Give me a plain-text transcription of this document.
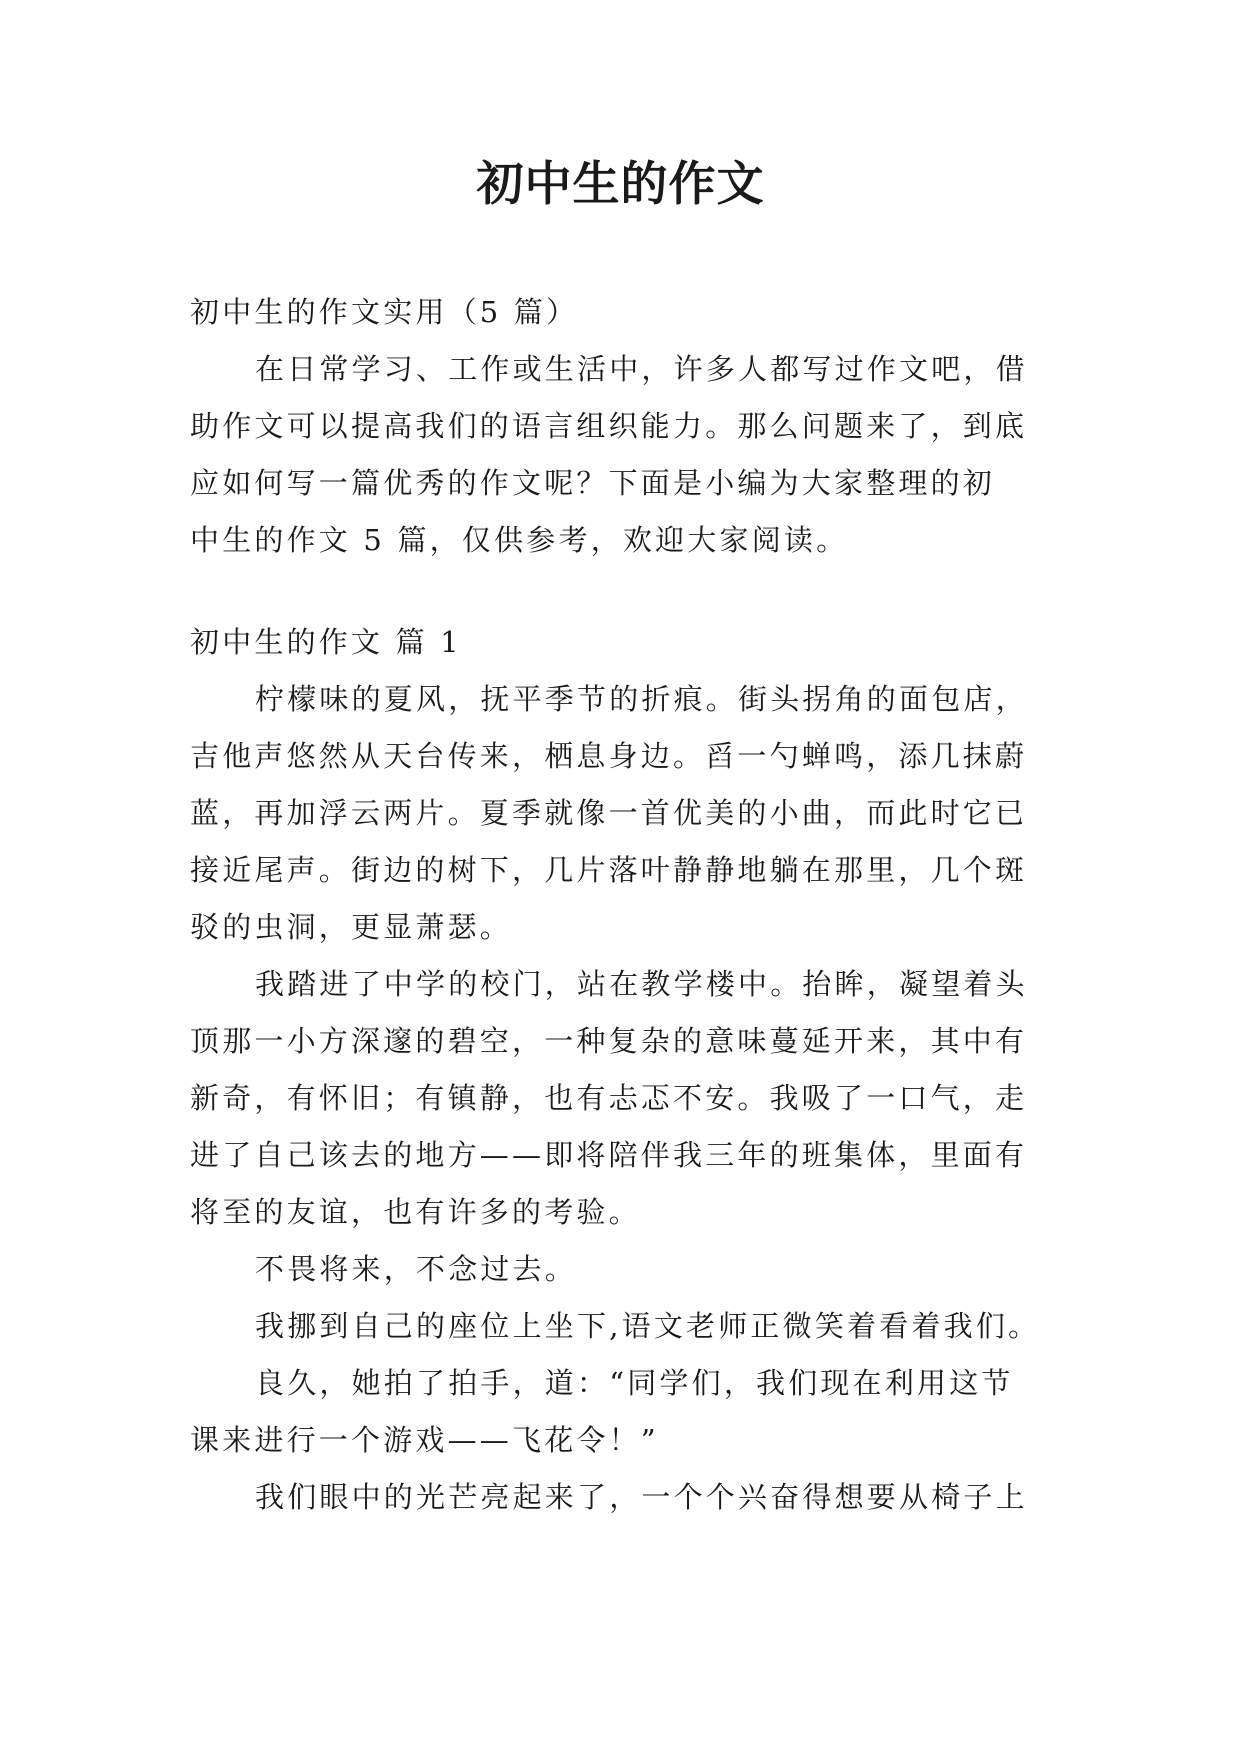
初中生的作文

初中生的作文实用（5 篇）

在日常学习、工作或生活中，许多人都写过作文吧，借

助作文可以提高我们的语言组织能力。那么问题来了，到底

应如何写一篇优秀的作文呢？下面是小编为大家整理的初

中生的作文 5 篇，仅供参考，欢迎大家阅读。

初中生的作文 篇 1

柠檬味的夏风，抚平季节的折痕。街头拐角的面包店，

吉他声悠然从天台传来，栖息身边。舀一勺蝉鸣，添几抹蔚

蓝，再加浮云两片。夏季就像一首优美的小曲，而此时它已

接近尾声。街边的树下，几片落叶静静地躺在那里，几个斑

驳的虫洞，更显萧瑟。

我踏进了中学的校门，站在教学楼中。抬眸，凝望着头

顶那一小方深邃的碧空，一种复杂的意味蔓延开来，其中有

新奇，有怀旧；有镇静，也有忐忑不安。我吸了一口气，走

进了自己该去的地方——即将陪伴我三年的班集体，里面有

将至的友谊，也有许多的考验。

不畏将来，不念过去。

我挪到自己的座位上坐下,语文老师正微笑着看着我们。

良久，她拍了拍手，道：“同学们，我们现在利用这节

课来进行一个游戏——飞花令！”

我们眼中的光芒亮起来了，一个个兴奋得想要从椅子上
